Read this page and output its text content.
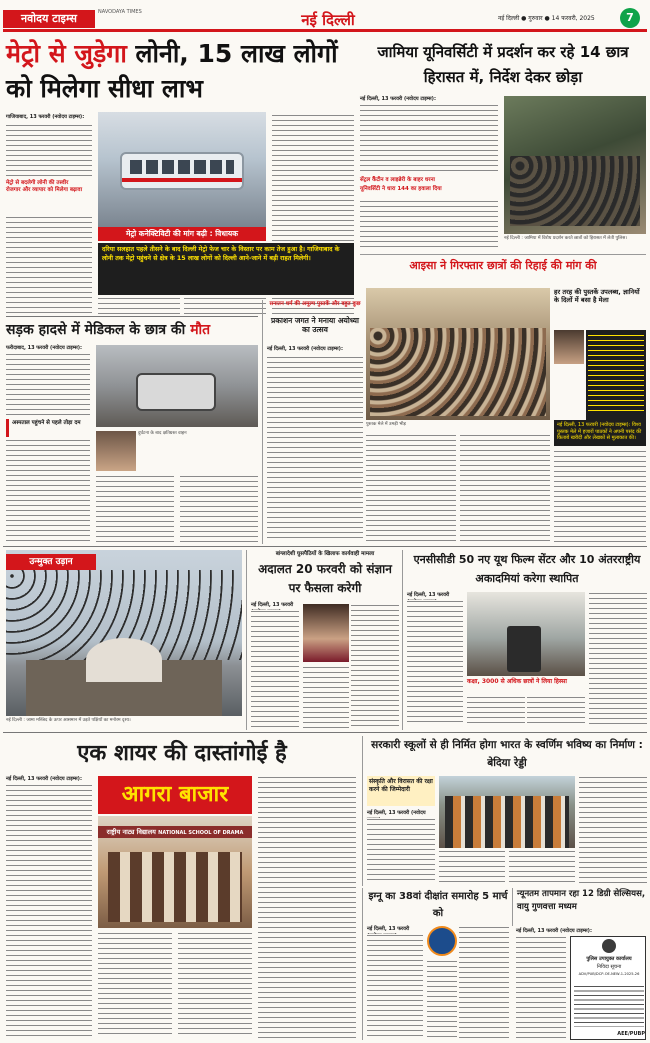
नवोदय टाइम्स	NAVODAYA TIMES	नई दिल्ली	नई दिल्ली ● गुरुवार ● 14 फरवरी, 2025	7
मेट्रो से जुड़ेगा लोनी, 15 लाख लोगों को मिलेगा सीधा लाभ
गाजियाबाद, 13 फरवरी (नवोदय टाइम्स):
मेट्रो से बदलेगी लोनी की तस्वीर
रोजगार और व्यापार को मिलेगा बढ़ावा
मेट्रो कनेक्टिविटी की मांग बढ़ी : विधायक
दरिया सलहात पहले तीसने के बाद दिल्‍ली मेट्रो फेज चार के विस्तार पर काम तेज हुआ है। गाजियाबाद के लोनी तक मेट्रो पहुंचने से क्षेत्र के 15 लाख लोगों को दिल्‍ली आने-जाने में बड़ी राहत मिलेगी।
जामिया यूनिवर्सिटी में प्रदर्शन कर रहे 14 छात्र हिरासत में, निर्देश देकर छोड़ा
नई दिल्ली, 13 फरवरी (नवोदय टाइम्स):
सेंट्रल कैंटीन व लाइब्रेरी के बाहर धरना
यूनिवर्सिटी ने धारा 144 का हवाला दिया
नई दिल्ली : जामिया में विरोध प्रदर्शन करते छात्रों को हिरासत में लेती पुलिस।
आइसा ने गिरफ्तार छात्रों की रिहाई की मांग की
सड़क हादसे में मेडिकल के छात्र की मौत
फरीदाबाद, 13 फरवरी (नवोदय टाइम्स):
अस्पताल पहुंचने से पहले तोड़ा दम
दुर्घटना के बाद क्षतिग्रस्त वाहन
सनातन धर्म की अमूल्य पुस्तकें और बहुत कुछ
प्रकाशन जगत ने मनाया अयोध्या का उत्सव
नई दिल्ली, 13 फरवरी (नवोदय टाइम्स):
हर तरह की पुस्तकें उपलब्ध, ज्ञानियों के दिलों में बसा है मेला
पुस्तक मेले में उमड़ी भीड़	नई दिल्ली, 13 फरवरी (नवोदय टाइम्स): विश्व पुस्तक मेले में हजारों पाठकों ने अपनी पसंद की किताबें खरीदीं और लेखकों से मुलाकात की।
उन्मुक्त उड़ान
नई दिल्ली : जामा मस्जिद के ऊपर आसमान में उड़ते पक्षियों का मनोरम दृश्य।
बांग्लादेशी घुसपैठियों के खिलाफ कार्यवाही मामला
अदालत 20 फरवरी को संज्ञान पर फैसला करेगी
नई दिल्ली, 13 फरवरी
एनसीसीडी 50 नए यूथ फिल्म सेंटर और 10 अंतरराष्ट्रीय अकादमियां करेगा स्थापित
नई दिल्ली, 13 फरवरी
कक्षा, 3000 से अधिक छात्रों ने लिया हिस्सा
एक शायर की दास्तांगोई है
नई दिल्ली, 13 फरवरी (नवोदय टाइम्स):
आगरा बाजार
राष्ट्रीय नाट्य विद्यालय NATIONAL SCHOOL OF DRAMA
सरकारी स्कूलों से ही निर्मित होगा भारत के स्वर्णिम भविष्य का निर्माण : बेदिया रेड्डी
संस्कृति और विरासत की रक्षा करने की जिम्मेदारी
नई दिल्ली, 13 फरवरी (नवोदय
इग्नू का 38वां दीक्षांत समारोह 5 मार्च को
नई दिल्ली, 13 फरवरी
न्यूनतम तापमान रहा 12 डिग्री सेल्सियस, वायु गुणवत्ता मध्यम
नई दिल्ली, 13 फरवरी (नवोदय टाइम्स):
पुलिस उपायुक्त कार्यालय
निविदा सूचना
ADV/PUB/DCP-OE-NEW-1-2025-26
AEE/PUBP
